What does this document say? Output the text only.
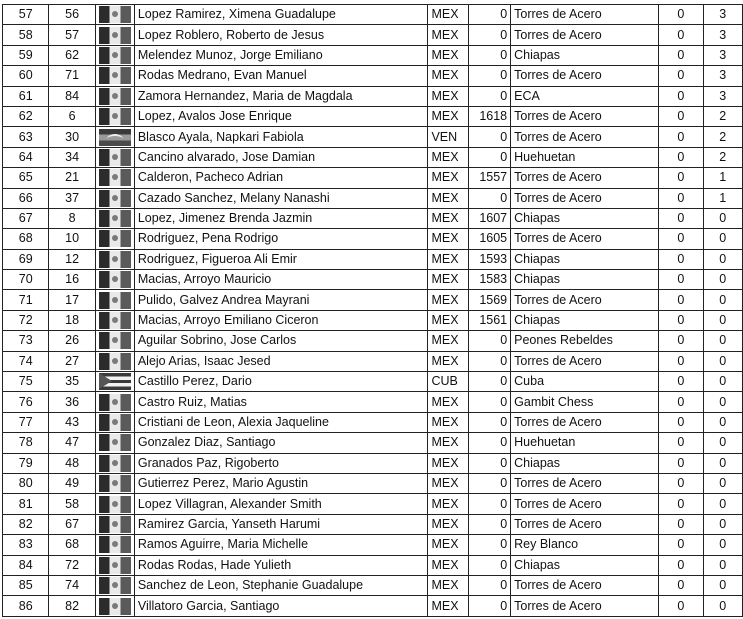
57	56		Lopez Ramirez, Ximena Guadalupe	MEX	0	Torres de Acero	0	3
58	57		Lopez Roblero, Roberto de Jesus	MEX	0	Torres de Acero	0	3
59	62		Melendez Munoz, Jorge Emiliano	MEX	0	Chiapas	0	3
60	71		Rodas Medrano, Evan Manuel	MEX	0	Torres de Acero	0	3
61	84		Zamora Hernandez, Maria de Magdala	MEX	0	ECA	0	3
62	6		Lopez, Avalos Jose Enrique	MEX	1618	Torres de Acero	0	2
63	30		Blasco Ayala, Napkari Fabiola	VEN	0	Torres de Acero	0	2
64	34		Cancino alvarado, Jose Damian	MEX	0	Huehuetan	0	2
65	21		Calderon, Pacheco Adrian	MEX	1557	Torres de Acero	0	1
66	37		Cazado Sanchez, Melany Nanashi	MEX	0	Torres de Acero	0	1
67	8		Lopez, Jimenez Brenda Jazmin	MEX	1607	Chiapas	0	0
68	10		Rodriguez, Pena Rodrigo	MEX	1605	Torres de Acero	0	0
69	12		Rodriguez, Figueroa Ali Emir	MEX	1593	Chiapas	0	0
70	16		Macias, Arroyo Mauricio	MEX	1583	Chiapas	0	0
71	17		Pulido, Galvez Andrea Mayrani	MEX	1569	Torres de Acero	0	0
72	18		Macias, Arroyo Emiliano Ciceron	MEX	1561	Chiapas	0	0
73	26		Aguilar Sobrino, Jose Carlos	MEX	0	Peones Rebeldes	0	0
74	27		Alejo Arias, Isaac Jesed	MEX	0	Torres de Acero	0	0
75	35		Castillo Perez, Dario	CUB	0	Cuba	0	0
76	36		Castro Ruiz, Matias	MEX	0	Gambit Chess	0	0
77	43		Cristiani de Leon, Alexia Jaqueline	MEX	0	Torres de Acero	0	0
78	47		Gonzalez Diaz, Santiago	MEX	0	Huehuetan	0	0
79	48		Granados Paz, Rigoberto	MEX	0	Chiapas	0	0
80	49		Gutierrez Perez, Mario Agustin	MEX	0	Torres de Acero	0	0
81	58		Lopez Villagran, Alexander Smith	MEX	0	Torres de Acero	0	0
82	67		Ramirez Garcia, Yanseth Harumi	MEX	0	Torres de Acero	0	0
83	68		Ramos Aguirre, Maria Michelle	MEX	0	Rey Blanco	0	0
84	72		Rodas Rodas, Hade Yulieth	MEX	0	Chiapas	0	0
85	74		Sanchez de Leon, Stephanie Guadalupe	MEX	0	Torres de Acero	0	0
86	82		Villatoro Garcia, Santiago	MEX	0	Torres de Acero	0	0
